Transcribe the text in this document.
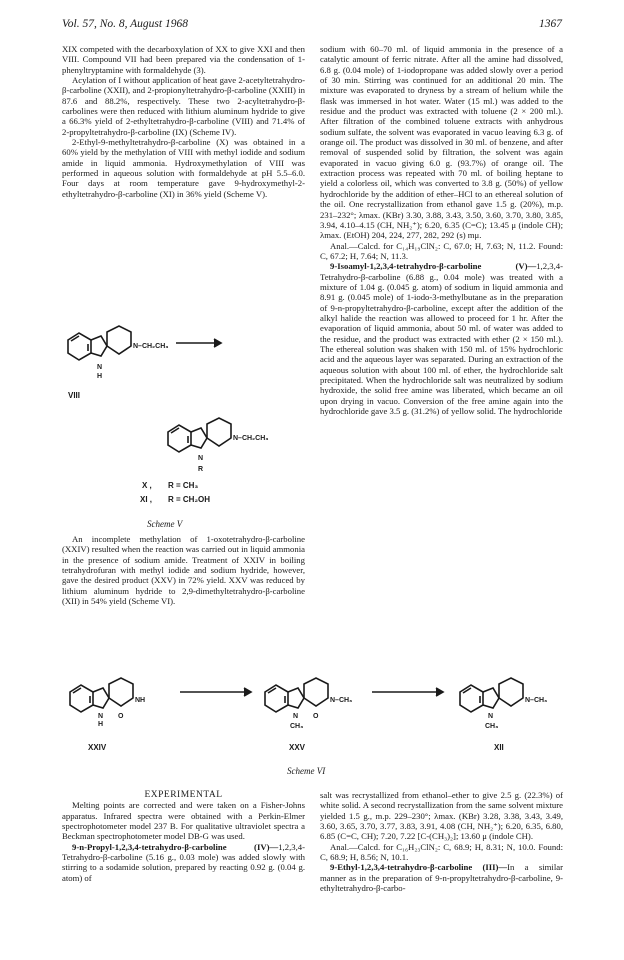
Vol. 57, No. 8, August 1968	1367

XIX competed with the decarboxylation of XX to give XXI and then VIII. Compound VII had been prepared via the condensation of 1-phenyltryptamine with formaldehyde (3).

Acylation of I without application of heat gave 2-acetyltetrahydro-β-carboline (XXII), and 2-propionyltetrahydro-β-carboline (XXIII) in 87.6 and 88.2%, respectively. These two 2-acyltetrahydro-β-carbolines were then reduced with lithium aluminum hydride to give a 66.3% yield of 2-ethyltetrahydro-β-carboline (VIII) and 71.4% of 2-propyltetrahydro-β-carboline (IX) (Scheme IV).

2-Ethyl-9-methyltetrahydro-β-carboline (X) was obtained in a 60% yield by the methylation of VIII with methyl iodide and sodium amide in liquid ammonia. Hydroxymethylation of VIII was performed in aqueous solution with formaldehyde at pH 5.5–6.0. Four days at room temperature gave 9-hydroxymethyl-2-ethyltetrahydro-β-carboline (XI) in 36% yield (Scheme V).

N
H
N–CH₂CH₃
VIII
N
R
N–CH₂CH₃
X , R = CH₃
XI , R = CH₂OH
Scheme V

An incomplete methylation of 1-oxotetrahydro-β-carboline (XXIV) resulted when the reaction was carried out in liquid ammonia in the presence of sodium amide. Treatment of XXIV in boiling tetrahydrofuran with methyl iodide and sodium hydride, however, gave the desired product (XXV) in 72% yield. XXV was reduced by lithium aluminum hydride to 2,9-dimethyltetrahydro-β-carboline (XII) in 54% yield (Scheme VI).

N
H
O
NH
XXIV
N
CH₃
O
N–CH₃
XXV
N
CH₃
N–CH₃
XII
Scheme VI

EXPERIMENTAL

Melting points are corrected and were taken on a Fisher-Johns apparatus. Infrared spectra were obtained with a Perkin-Elmer spectrophotometer model 237 B. For qualitative ultraviolet spectra a Beckman spectrophotometer model DB-G was used.

9-n-Propyl-1,2,3,4-tetrahydro-β-carboline (IV)—1,2,3,4-Tetrahydro-β-carboline (5.16 g., 0.03 mole) was added slowly with stirring to a sodamide solution, prepared by reacting 0.92 g. (0.04 g. atom) of

sodium with 60–70 ml. of liquid ammonia in the presence of a catalytic amount of ferric nitrate. After all the amine had dissolved, 6.8 g. (0.04 mole) of 1-iodopropane was added slowly over a period of 30 min. Stirring was continued for an additional 20 min. The mixture was evaporated to dryness by a stream of helium while the flask was immersed in hot water. Water (15 ml.) was added to the residue and the product was extracted with toluene (2 × 200 ml.). After filtration of the combined toluene extracts with anhydrous sodium sulfate, the solvent was evaporated in vacuo leaving 6.3 g. of orange oil. The product was dissolved in 30 ml. of benzene, and after removal of suspended solid by filtration, the solvent was again evaporated in vacuo giving 6.0 g. (93.7%) of orange oil. The extraction process was repeated with 70 ml. of boiling heptane to yield a colorless oil, which was converted to 3.8 g. (50%) of yellow hydrochloride by the addition of ether–HCl to an ethereal solution of the oil. One recrystallization from ethanol gave 1.5 g. (20%), m.p. 231–232°; λmax. (KBr) 3.30, 3.88, 3.43, 3.50, 3.60, 3.70, 3.80, 3.85, 3.94, 4.10–4.15 (CH, NH₂⁺); 6.20, 6.35 (C=C); 13.45 μ (indole CH); λmax. (EtOH) 204, 224, 277, 282, 292 (s) mμ.

Anal.—Calcd. for C₁₄H₁₉ClN₂: C, 67.0; H, 7.63; N, 11.2. Found: C, 67.2; H, 7.64; N, 11.3.

9-Isoamyl-1,2,3,4-tetrahydro-β-carboline (V)—1,2,3,4-Tetrahydro-β-carboline (6.88 g., 0.04 mole) was treated with a mixture of 1.04 g. (0.045 g. atom) of sodium in liquid ammonia and 8.91 g. (0.045 mole) of 1-iodo-3-methylbutane as in the preparation of 9-n-propyltetrahydro-β-carboline, except after the addition of the alkyl halide the reaction was allowed to proceed for 1 hr. After the evaporation of liquid ammonia, about 50 ml. of water was added to the residue, and the product was extracted with ether (2 × 150 ml.). The ethereal solution was shaken with 150 ml. of 15% hydrochloric acid and the aqueous layer was separated. During an extraction of the aqueous solution with about 100 ml. of ether, the hydrochloride salt precipitated. When the hydrochloride salt was neutralized by sodium hydroxide, the solid free amine was liberated, which became an oil upon drying in vacuo. Conversion of the free amine again into the hydrochloride gave 3.5 g. (31.2%) of yellow solid. The hydrochloride

salt was recrystallized from ethanol–ether to give 2.5 g. (22.3%) of white solid. A second recrystallization from the same solvent mixture yielded 1.5 g., m.p. 229–230°; λmax. (KBr) 3.28, 3.38, 3.43, 3.49, 3.60, 3.65, 3.70, 3.77, 3.83, 3.91, 4.08 (CH, NH₂⁺); 6.20, 6.35, 6.80, 6.85 (C=C, CH); 7.20, 7.22 [C-(CH₃)₂]; 13.60 μ (indole CH).

Anal.—Calcd. for C₁₆H₂₃ClN₂: C, 68.9; H, 8.31; N, 10.0. Found: C, 68.9; H, 8.56; N, 10.1.

9-Ethyl-1,2,3,4-tetrahydro-β-carboline (III)—In a similar manner as in the preparation of 9-n-propyltetrahydro-β-carboline, 9-ethyltetrahydro-β-carbo-
